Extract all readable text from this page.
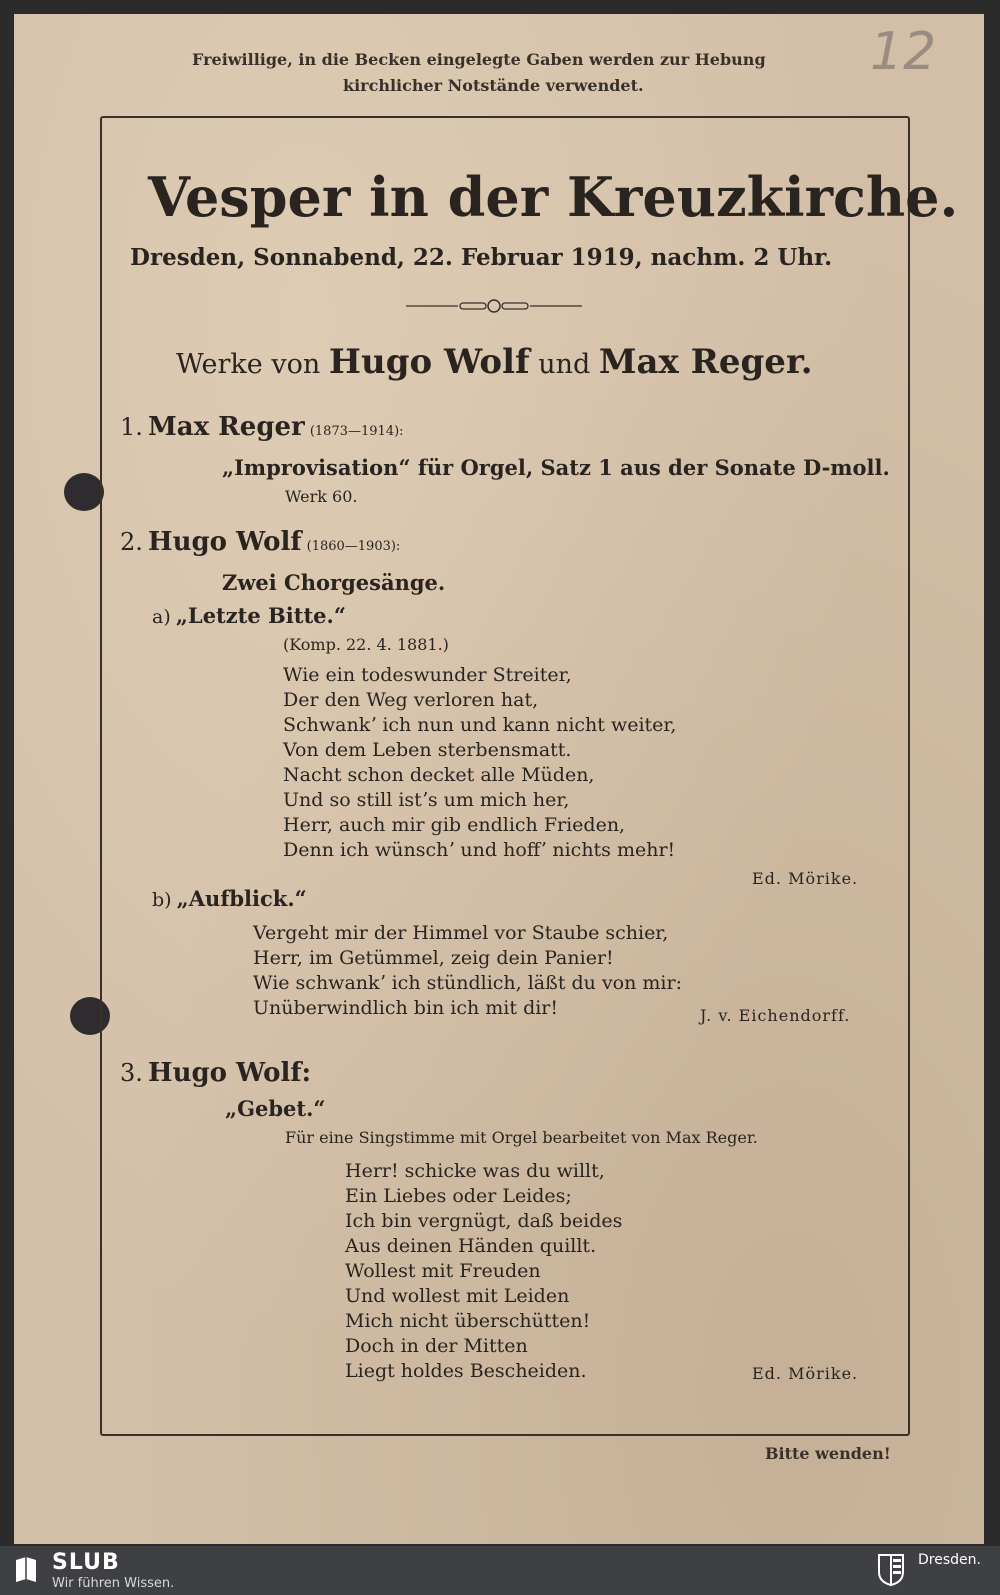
Freiwillige, in die Becken eingelegte Gaben werden zur Hebung
kirchlicher Notstände verwendet.
12
Vesper in der Kreuzkirche.
Dresden, Sonnabend, 22. Februar 1919, nachm. 2 Uhr.
Werke von Hugo Wolf und Max Reger.
1. Max Reger (1873—1914):
„Improvisation“ für Orgel, Satz 1 aus der Sonate D-moll.
Werk 60.
2. Hugo Wolf (1860—1903):
Zwei Chorgesänge.
a) „Letzte Bitte.“
(Komp. 22. 4. 1881.)
Wie ein todeswunder Streiter,
Der den Weg verloren hat,
Schwankʼ ich nun und kann nicht weiter,
Von dem Leben sterbensmatt.
Nacht schon decket alle Müden,
Und so still istʼs um mich her,
Herr, auch mir gib endlich Frieden,
Denn ich wünschʼ und hoffʼ nichts mehr!
Ed. Mörike.
b) „Aufblick.“
Vergeht mir der Himmel vor Staube schier,
Herr, im Getümmel, zeig dein Panier!
Wie schwankʼ ich stündlich, läßt du von mir:
Unüberwindlich bin ich mit dir!	J. v. Eichendorff.
3. Hugo Wolf:
„Gebet.“
Für eine Singstimme mit Orgel bearbeitet von Max Reger.
Herr! schicke was du willt,
Ein Liebes oder Leides;
Ich bin vergnügt, daß beides
Aus deinen Händen quillt.
Wollest mit Freuden
Und wollest mit Leiden
Mich nicht überschütten!
Doch in der Mitten
Liegt holdes Bescheiden.	Ed. Mörike.
Bitte wenden!
SLUB
Wir führen Wissen.
Dresden.
